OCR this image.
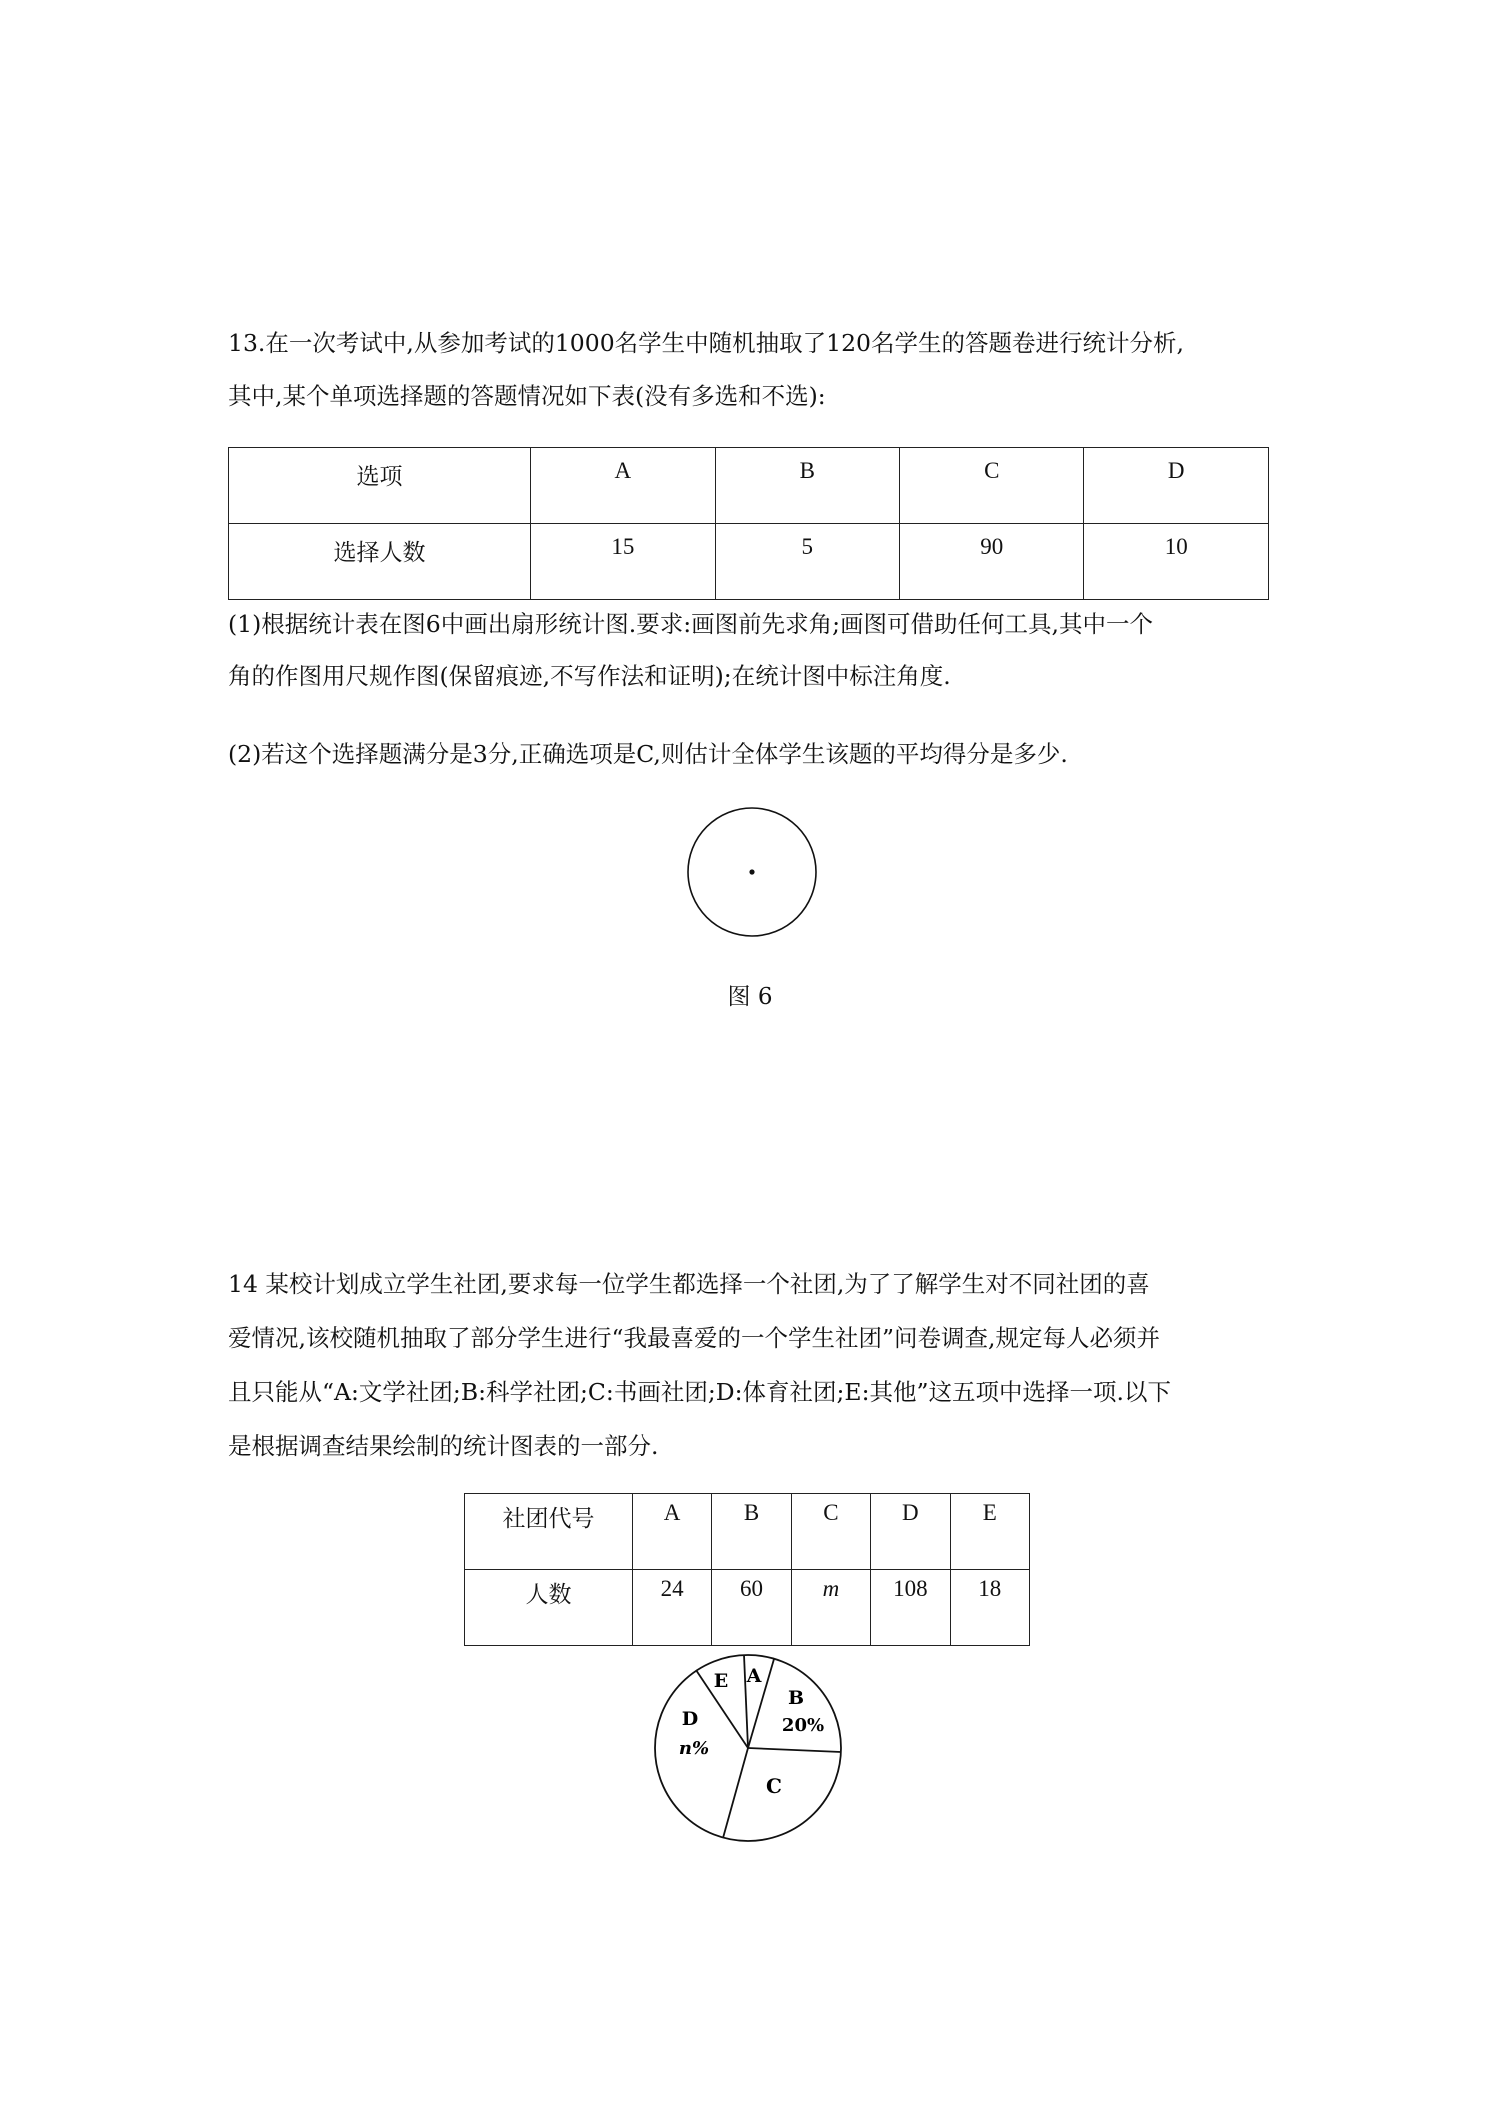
13.在一次考试中,从参加考试的1000名学生中随机抽取了120名学生的答题卷进行统计分析,

其中,某个单项选择题的答题情况如下表(没有多选和不选):

选项	A	B	C	D

选择人数	15	5	90	10

(1)根据统计表在图6中画出扇形统计图.要求:画图前先求角;画图可借助任何工具,其中一个

角的作图用尺规作图(保留痕迹,不写作法和证明);在统计图中标注角度.

(2)若这个选择题满分是3分,正确选项是C,则估计全体学生该题的平均得分是多少.

图 6

14 某校计划成立学生社团,要求每一位学生都选择一个社团,为了了解学生对不同社团的喜

爱情况,该校随机抽取了部分学生进行“我最喜爱的一个学生社团”问卷调查,规定每人必须并

且只能从“A:文学社团;B:科学社团;C:书画社团;D:体育社团;E:其他”这五项中选择一项.以下

是根据调查结果绘制的统计图表的一部分.

社团代号	A	B	C	D	E

人数	24	60	m	108	18
E A
B
20%
C
D
n%
